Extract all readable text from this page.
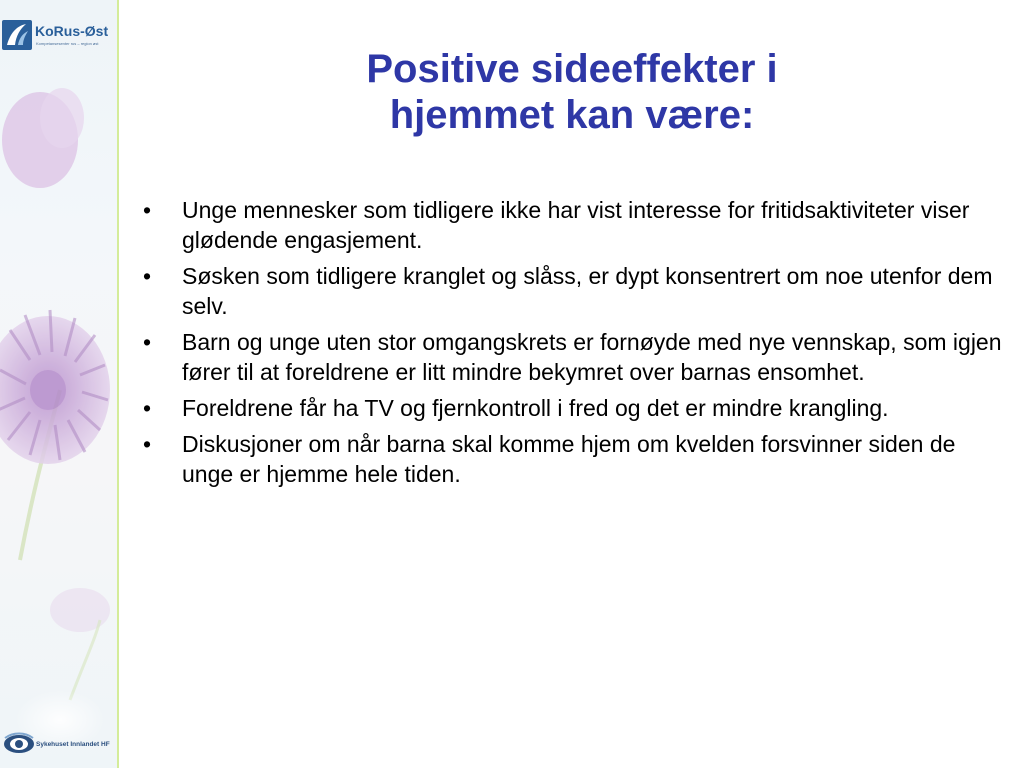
KoRus-Øst
Kompetansesenter rus – region øst
Sykehuset Innlandet HF
Positive sideeffekter i
hjemmet kan være:
• Unge mennesker som tidligere ikke har vist interesse for fritidsaktiviteter viser glødende engasjement.
• Søsken som tidligere kranglet og slåss, er dypt konsentrert om noe utenfor dem selv.
• Barn og unge uten stor omgangskrets er fornøyde med nye vennskap, som igjen fører til at foreldrene er litt mindre bekymret over barnas ensomhet.
• Foreldrene får ha TV og fjernkontroll i fred og det er mindre krangling.
• Diskusjoner om når barna skal komme hjem om kvelden forsvinner siden de unge er hjemme hele tiden.
